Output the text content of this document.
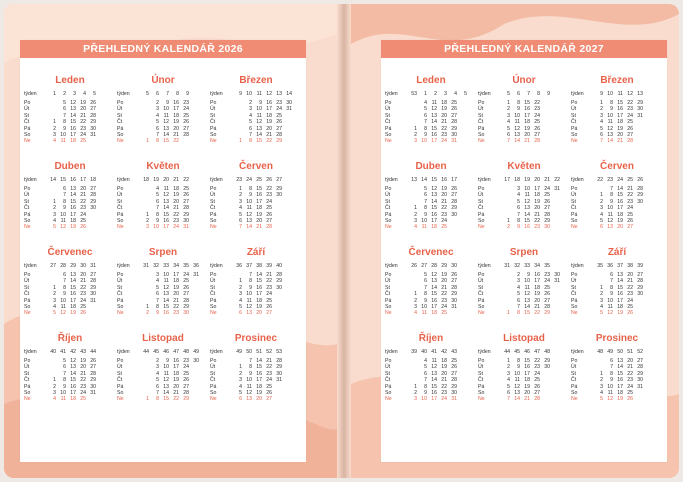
PŘEHLEDNÝ KALENDÁŘ 2026
Leden
týden	1	2	3	4	5
Po		5	12	19	26
Út		6	13	20	27
St		7	14	21	28
Čt	1	8	15	22	29
Pá	2	9	16	23	30
So	3	10	17	24	31
Ne	4	11	18	25	
Únor
týden	5	6	7	8	9
Po		2	9	16	23
Út		3	10	17	24
St		4	11	18	25
Čt		5	12	19	26
Pá		6	13	20	27
So		7	14	21	28
Ne	1	8	15	22	
Březen
týden	9	10	11	12	13	14
Po		2	9	16	23	30
Út		3	10	17	24	31
St		4	11	18	25	
Čt		5	12	19	26	
Pá		6	13	20	27	
So		7	14	21	28	
Ne	1	8	15	22	29	
Duben
týden	14	15	16	17	18
Po		6	13	20	27
Út		7	14	21	28
St	1	8	15	22	29
Čt	2	9	16	23	30
Pá	3	10	17	24	
So	4	11	18	25	
Ne	5	12	19	26	
Květen
týden	18	19	20	21	22
Po		4	11	18	25
Út		5	12	19	26
St		6	13	20	27
Čt		7	14	21	28
Pá	1	8	15	22	29
So	2	9	16	23	30
Ne	3	10	17	24	31
Červen
týden	23	24	25	26	27
Po	1	8	15	22	29
Út	2	9	16	23	30
St	3	10	17	24	
Čt	4	11	18	25	
Pá	5	12	19	26	
So	6	13	20	27	
Ne	7	14	21	28	
Červenec
týden	27	28	29	30	31
Po		6	13	20	27
Út		7	14	21	28
St	1	8	15	22	29
Čt	2	9	16	23	30
Pá	3	10	17	24	31
So	4	11	18	25	
Ne	5	12	19	26	
Srpen
týden	31	32	33	34	35	36
Po		3	10	17	24	31
Út		4	11	18	25	
St		5	12	19	26	
Čt		6	13	20	27	
Pá		7	14	21	28	
So	1	8	15	22	29	
Ne	2	9	16	23	30	
Září
týden	36	37	38	39	40
Po		7	14	21	28
Út	1	8	15	22	29
St	2	9	16	23	30
Čt	3	10	17	24	
Pá	4	11	18	25	
So	5	12	19	26	
Ne	6	13	20	27	
Říjen
týden	40	41	42	43	44
Po		5	12	19	26
Út		6	13	20	27
St		7	14	21	28
Čt	1	8	15	22	29
Pá	2	9	16	23	30
So	3	10	17	24	31
Ne	4	11	18	25	
Listopad
týden	44	45	46	47	48	49
Po		2	9	16	23	30
Út		3	10	17	24	
St		4	11	18	25	
Čt		5	12	19	26	
Pá		6	13	20	27	
So		7	14	21	28	
Ne	1	8	15	22	29	
Prosinec
týden	49	50	51	52	53
Po		7	14	21	28
Út	1	8	15	22	29
St	2	9	16	23	30
Čt	3	10	17	24	31
Pá	4	11	18	25	
So	5	12	19	26	
Ne	6	13	20	27	
PŘEHLEDNÝ KALENDÁŘ 2027
Leden
týden	53	1	2	3	4	5
Po		4	11	18	25	
Út		5	12	19	26	
St		6	13	20	27	
Čt		7	14	21	28	
Pá	1	8	15	22	29	
So	2	9	16	23	30	
Ne	3	10	17	24	31	
Únor
týden	5	6	7	8	9
Po	1	8	15	22	
Út	2	9	16	23	
St	3	10	17	24	
Čt	4	11	18	25	
Pá	5	12	19	26	
So	6	13	20	27	
Ne	7	14	21	28	
Březen
týden	9	10	11	12	13
Po	1	8	15	22	29
Út	2	9	16	23	30
St	3	10	17	24	31
Čt	4	11	18	25	
Pá	5	12	19	26	
So	6	13	20	27	
Ne	7	14	21	28	
Duben
týden	13	14	15	16	17
Po		5	12	19	26
Út		6	13	20	27
St		7	14	21	28
Čt	1	8	15	22	29
Pá	2	9	16	23	30
So	3	10	17	24	
Ne	4	11	18	25	
Květen
týden	17	18	19	20	21	22
Po		3	10	17	24	31
Út		4	11	18	25	
St		5	12	19	26	
Čt		6	13	20	27	
Pá		7	14	21	28	
So	1	8	15	22	29	
Ne	2	9	16	23	30	
Červen
týden	22	23	24	25	26
Po		7	14	21	28
Út	1	8	15	22	29
St	2	9	16	23	30
Čt	3	10	17	24	
Pá	4	11	18	25	
So	5	12	19	26	
Ne	6	13	20	27	
Červenec
týden	26	27	28	29	30
Po		5	12	19	26
Út		6	13	20	27
St		7	14	21	28
Čt	1	8	15	22	29
Pá	2	9	16	23	30
So	3	10	17	24	31
Ne	4	11	18	25	
Srpen
týden	31	32	33	34	35	
Po		2	9	16	23	30
Út		3	10	17	24	31
St		4	11	18	25	
Čt		5	12	19	26	
Pá		6	13	20	27	
So		7	14	21	28	
Ne	1	8	15	22	29	
Září
týden	35	36	37	38	39
Po		6	13	20	27
Út		7	14	21	28
St	1	8	15	22	29
Čt	2	9	16	23	30
Pá	3	10	17	24	
So	4	11	18	25	
Ne	5	12	19	26	
Říjen
týden	39	40	41	42	43
Po		4	11	18	25
Út		5	12	19	26
St		6	13	20	27
Čt		7	14	21	28
Pá	1	8	15	22	29
So	2	9	16	23	30
Ne	3	10	17	24	31
Listopad
týden	44	45	46	47	48
Po	1	8	15	22	29
Út	2	9	16	23	30
St	3	10	17	24	
Čt	4	11	18	25	
Pá	5	12	19	26	
So	6	13	20	27	
Ne	7	14	21	28	
Prosinec
týden	48	49	50	51	52
Po		6	13	20	27
Út		7	14	21	28
St	1	8	15	22	29
Čt	2	9	16	23	30
Pá	3	10	17	24	31
So	4	11	18	25	
Ne	5	12	19	26	
